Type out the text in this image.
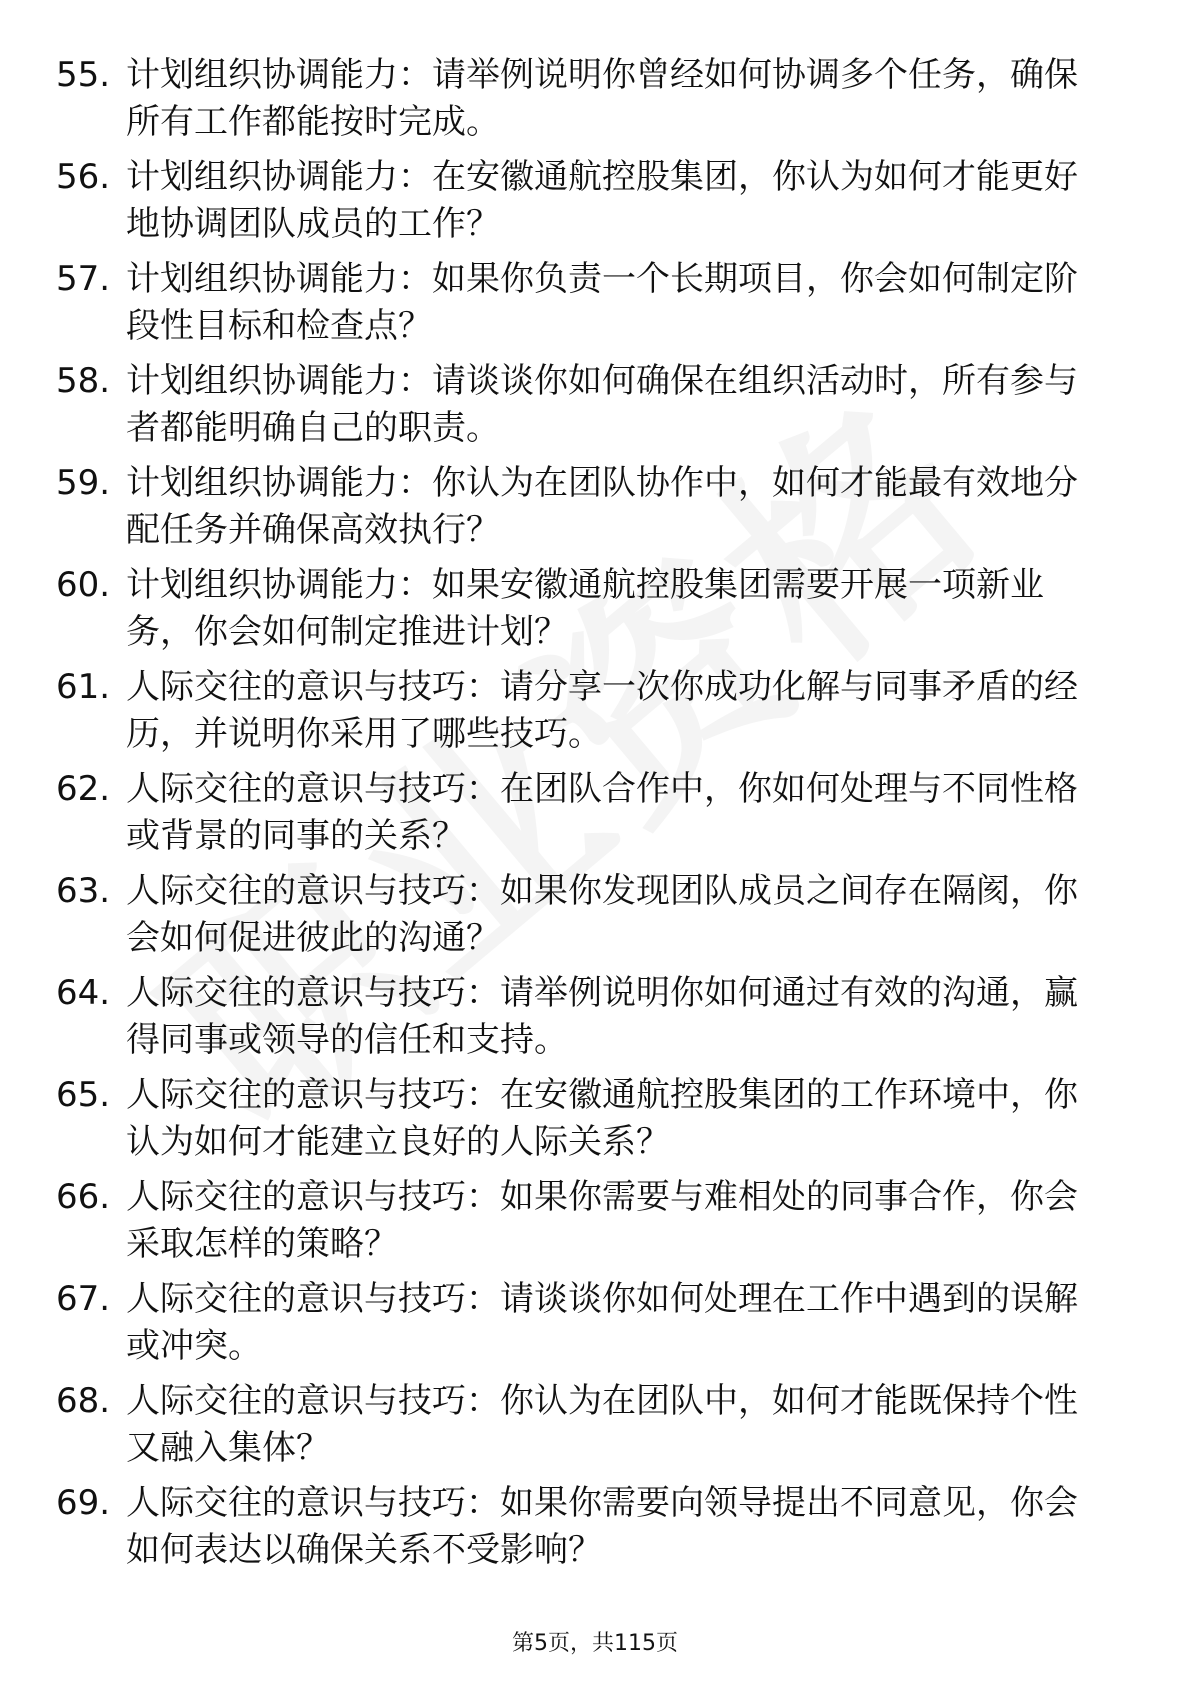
55. 计划组织协调能力：请举例说明你曾经如何协调多个任务，确保所有工作都能按时完成。
56. 计划组织协调能力：在安徽通航控股集团，你认为如何才能更好地协调团队成员的工作？
57. 计划组织协调能力：如果你负责一个长期项目，你会如何制定阶段性目标和检查点？
58. 计划组织协调能力：请谈谈你如何确保在组织活动时，所有参与者都能明确自己的职责。
59. 计划组织协调能力：你认为在团队协作中，如何才能最有效地分配任务并确保高效执行？
60. 计划组织协调能力：如果安徽通航控股集团需要开展一项新业务，你会如何制定推进计划？
61. 人际交往的意识与技巧：请分享一次你成功化解与同事矛盾的经历，并说明你采用了哪些技巧。
62. 人际交往的意识与技巧：在团队合作中，你如何处理与不同性格或背景的同事的关系？
63. 人际交往的意识与技巧：如果你发现团队成员之间存在隔阂，你会如何促进彼此的沟通？
64. 人际交往的意识与技巧：请举例说明你如何通过有效的沟通，赢得同事或领导的信任和支持。
65. 人际交往的意识与技巧：在安徽通航控股集团的工作环境中，你认为如何才能建立良好的人际关系？
66. 人际交往的意识与技巧：如果你需要与难相处的同事合作，你会采取怎样的策略？
67. 人际交往的意识与技巧：请谈谈你如何处理在工作中遇到的误解或冲突。
68. 人际交往的意识与技巧：你认为在团队中，如何才能既保持个性又融入集体？
69. 人际交往的意识与技巧：如果你需要向领导提出不同意见，你会如何表达以确保关系不受影响？
第5页，共115页
